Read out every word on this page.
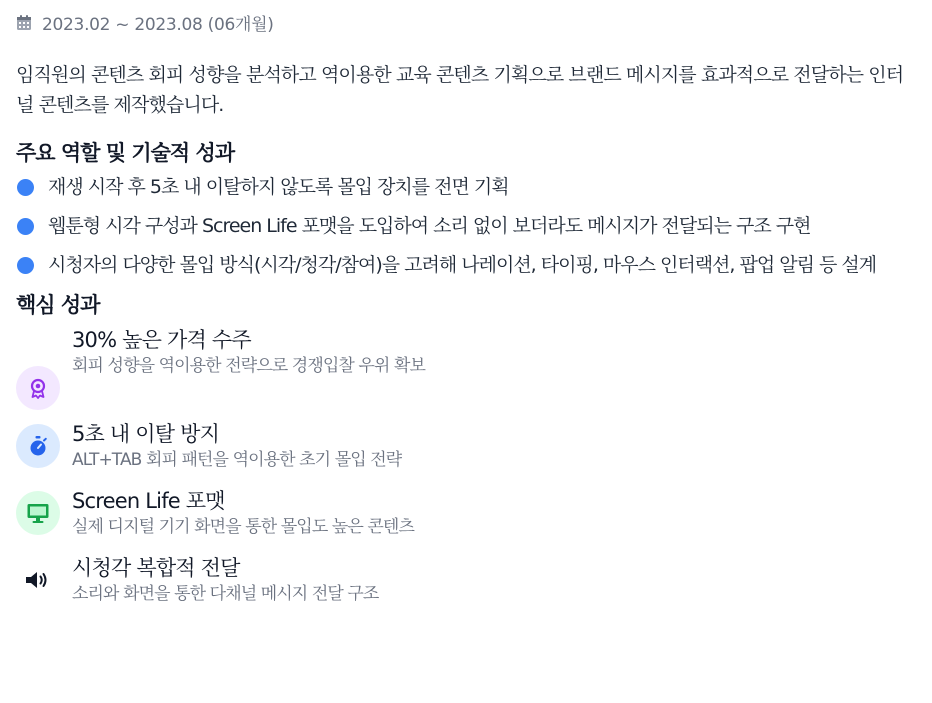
2023.02 ~ 2023.08 (06개월)

임직원의 콘텐츠 회피 성향을 분석하고 역이용한 교육 콘텐츠 기획으로 브랜드 메시지를 효과적으로 전달하는 인터널 콘텐츠를 제작했습니다.

주요 역할 및 기술적 성과
재생 시작 후 5초 내 이탈하지 않도록 몰입 장치를 전면 기획
웹툰형 시각 구성과 Screen Life 포맷을 도입하여 소리 없이 보더라도 메시지가 전달되는 구조 구현
시청자의 다양한 몰입 방식(시각/청각/참여)을 고려해 나레이션, 타이핑, 마우스 인터랙션, 팝업 알림 등 설계
핵심 성과
30% 높은 가격 수주
회피 성향을 역이용한 전략으로 경쟁입찰 우위 확보
5초 내 이탈 방지
ALT+TAB 회피 패턴을 역이용한 초기 몰입 전략
Screen Life 포맷
실제 디지털 기기 화면을 통한 몰입도 높은 콘텐츠
시청각 복합적 전달
소리와 화면을 통한 다채널 메시지 전달 구조
